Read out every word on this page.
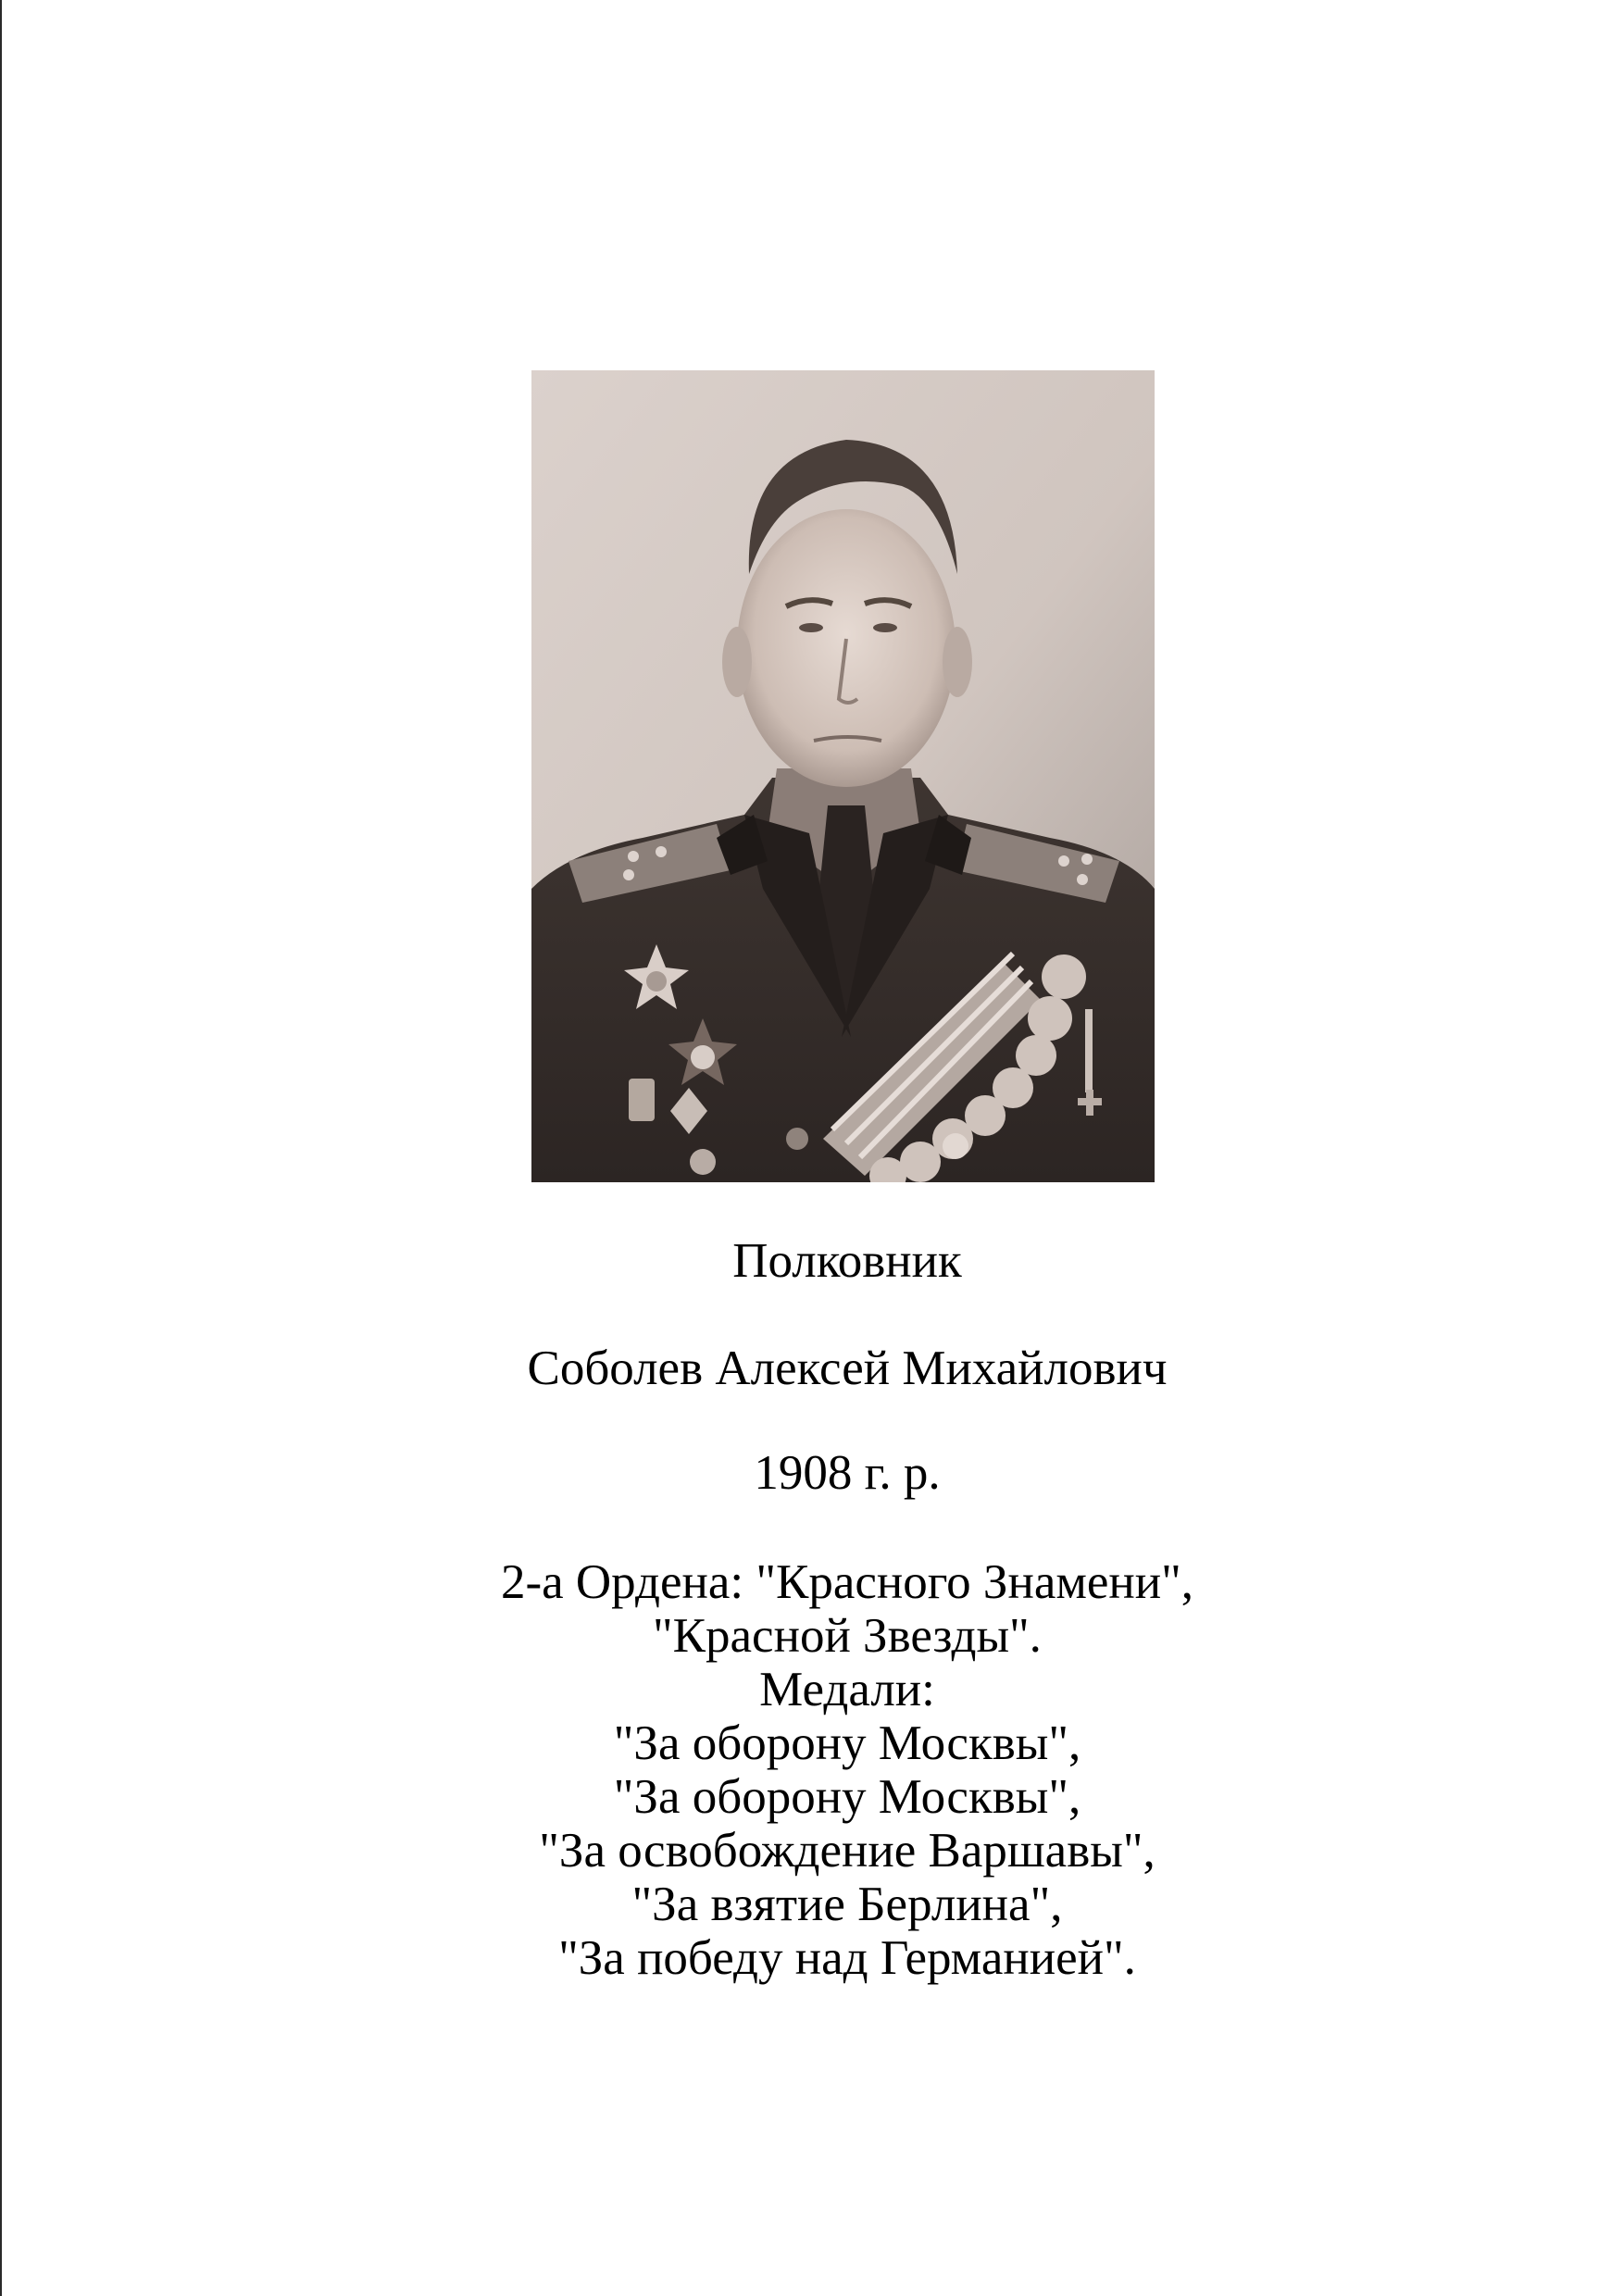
Полковник
Соболев Алексей Михайлович
1908 г. р.
2-а Ордена: "Красного Знамени",
"Красной Звезды".
Медали:
"За оборону Москвы",
"За оборону Москвы",
"За освобождение Варшавы",
"За взятие Берлина",
"За победу над Германией".
